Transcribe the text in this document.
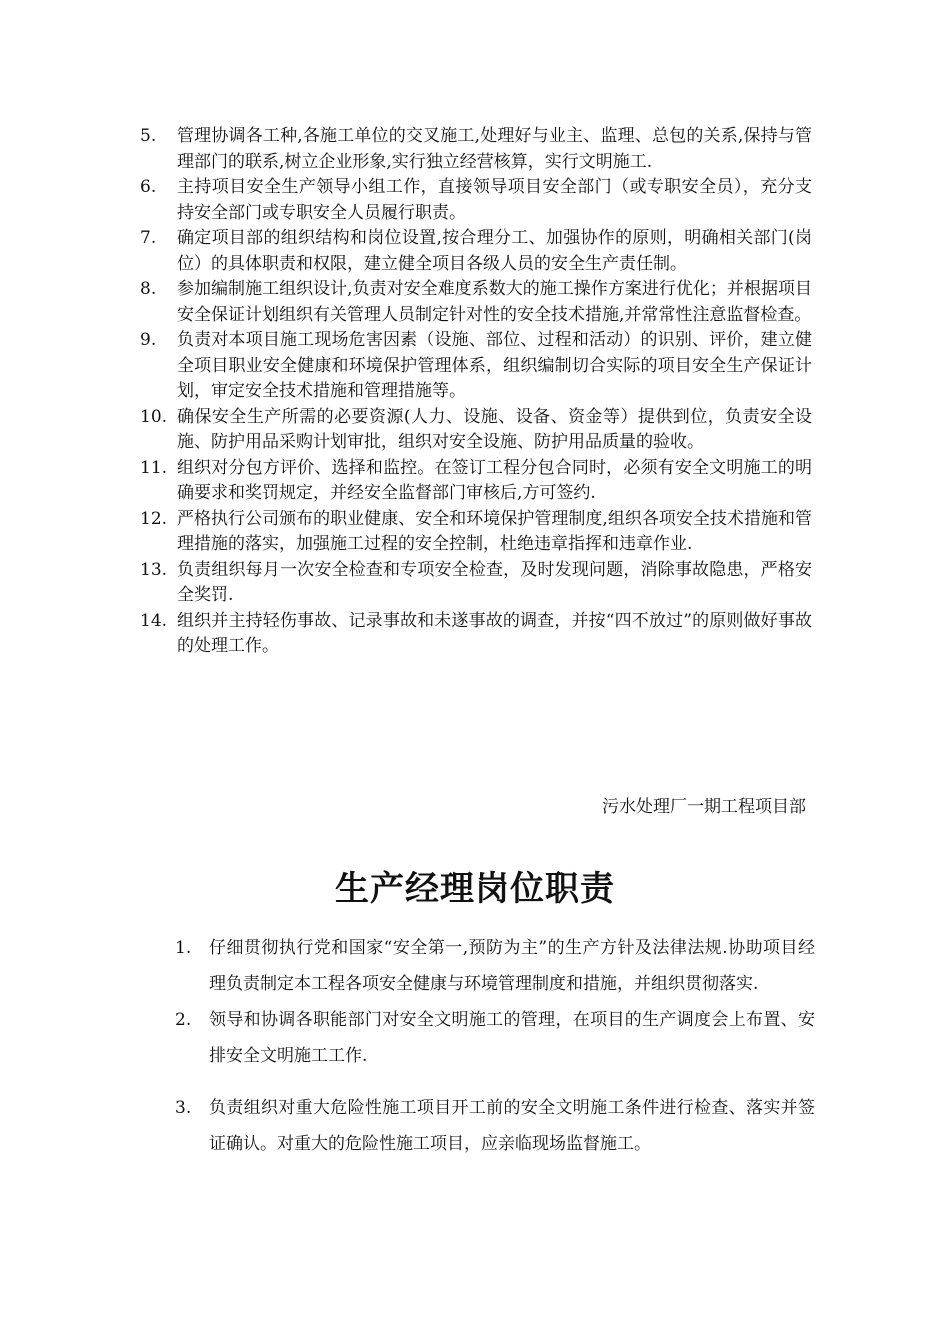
5.	管理协调各工种,各施工单位的交叉施工,处理好与业主、监理、总包的关系,保持与管理部门的联系,树立企业形象,实行独立经营核算，实行文明施工.
6.	主持项目安全生产领导小组工作，直接领导项目安全部门（或专职安全员），充分支持安全部门或专职安全人员履行职责。
7.	确定项目部的组织结构和岗位设置,按合理分工、加强协作的原则，明确相关部门(岗位）的具体职责和权限，建立健全项目各级人员的安全生产责任制。
8.	参加编制施工组织设计,负责对安全难度系数大的施工操作方案进行优化；并根据项目安全保证计划组织有关管理人员制定针对性的安全技术措施,并常常性注意监督检查。
9.	负责对本项目施工现场危害因素（设施、部位、过程和活动）的识别、评价，建立健全项目职业安全健康和环境保护管理体系，组织编制切合实际的项目安全生产保证计划，审定安全技术措施和管理措施等。
10. 确保安全生产所需的必要资源(人力、设施、设备、资金等）提供到位，负责安全设施、防护用品采购计划审批，组织对安全设施、防护用品质量的验收。
11. 组织对分包方评价、选择和监控。在签订工程分包合同时，必须有安全文明施工的明确要求和奖罚规定，并经安全监督部门审核后,方可签约.
12. 严格执行公司颁布的职业健康、安全和环境保护管理制度,组织各项安全技术措施和管理措施的落实，加强施工过程的安全控制，杜绝违章指挥和违章作业.
13. 负责组织每月一次安全检查和专项安全检查，及时发现问题，消除事故隐患，严格安全奖罚.
14. 组织并主持轻伤事故、记录事故和未遂事故的调查，并按“四不放过”的原则做好事故的处理工作。
污水处理厂一期工程项目部
生产经理岗位职责
1.	仔细贯彻执行党和国家“安全第一,预防为主”的生产方针及法律法规.协助项目经理负责制定本工程各项安全健康与环境管理制度和措施，并组织贯彻落实.
2.	领导和协调各职能部门对安全文明施工的管理，在项目的生产调度会上布置、安排安全文明施工工作.
3.	负责组织对重大危险性施工项目开工前的安全文明施工条件进行检查、落实并签证确认。对重大的危险性施工项目，应亲临现场监督施工。
